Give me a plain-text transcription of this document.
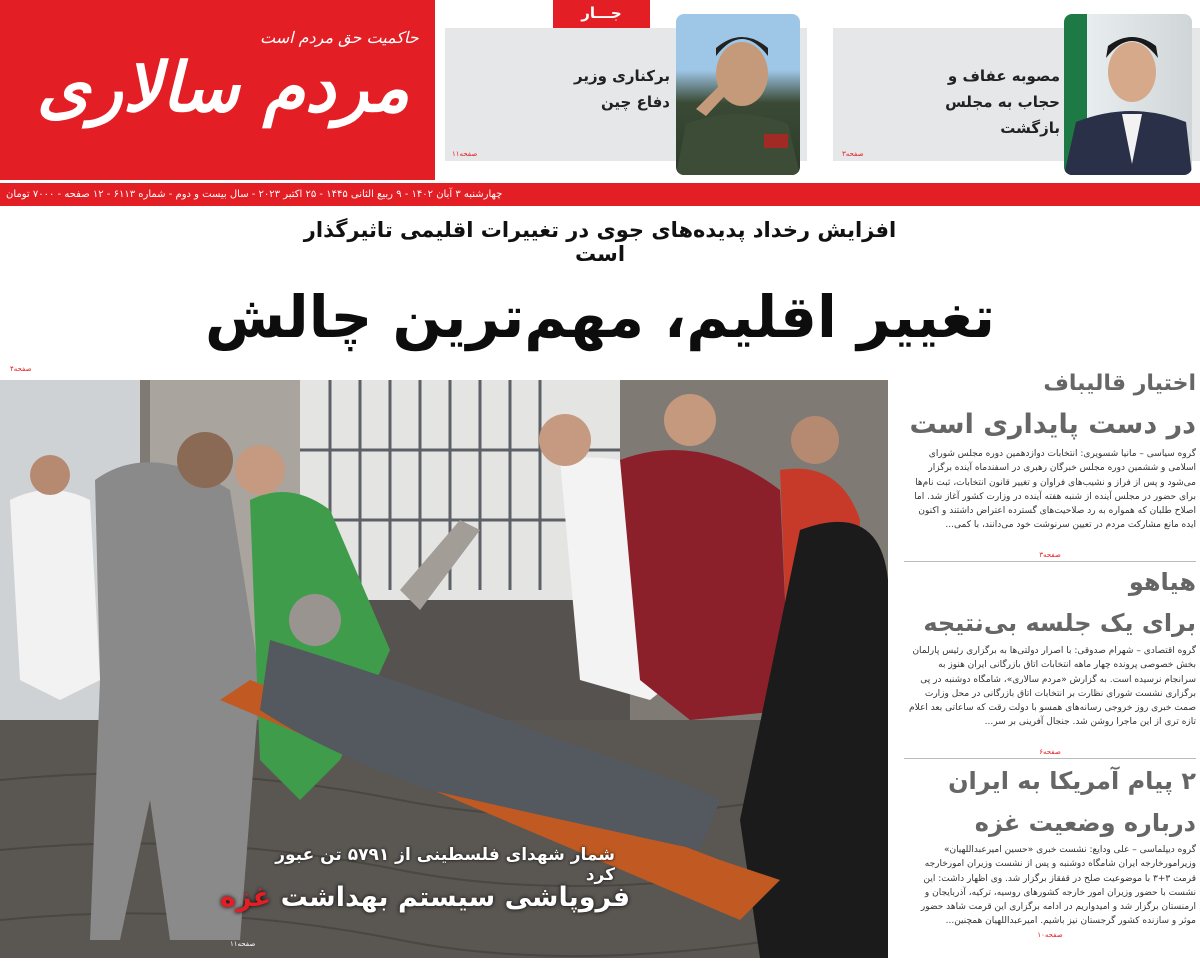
حاکمیت حق مردم است
مردم سالاری
جـــار
برکناری وزیر دفاع چین
صفحه۱۱
مصوبه عفاف و حجاب به مجلس بازگشت
صفحه۳
چهارشنبه ۳ آبان ۱۴۰۲ - ۹ ربیع الثانی ۱۴۴۵ - ۲۵ اکتبر ۲۰۲۳ - سال بیست و دوم - شماره ۶۱۱۳ - ۱۲ صفحه - ۷۰۰۰ تومان
افزایش رخداد پدیده‌های جوی در تغییرات اقلیمی تاثیرگذار است
تغییر اقلیم، مهم‌ترین چالش
صفحه۴
شمار شهدای فلسطینی از ۵۷۹۱ تن عبور کرد
فروپاشی سیستم بهداشت غزه
صفحه۱۱
اختیار قالیباف
در دست پایداری است
گروه سیاسی – مانیا شسویری: انتخابات دوازدهمین دوره مجلس شورای اسلامی و ششمین دوره مجلس خبرگان رهبری در اسفندماه آینده برگزار می‌شود و پس از فراز و نشیب‌های فراوان و تغییر قانون انتخابات، ثبت نام‌ها برای حضور در مجلس آینده از شنبه هفته آینده در وزارت کشور آغاز شد. اما اصلاح طلبان که همواره به رد صلاحیت‌های گسترده اعتراض داشتند و اکنون ایده مانع مشارکت مردم در تعیین سرنوشت خود می‌دانند، با کمی...
صفحه۳
هیاهو
برای یک جلسه بی‌نتیجه
گروه اقتصادی – شهرام صدوقی: با اصرار دولتی‌ها به برگزاری رئیس پارلمان بخش خصوصی پرونده چهار ماهه انتخابات اتاق بازرگانی ایران هنوز به سرانجام نرسیده است. به گزارش «مردم سالاری»، شامگاه دوشنبه در پی برگزاری نشست شورای نظارت بر انتخابات اتاق بازرگانی در محل وزارت صمت خبری روز خروجی رسانه‌های همسو با دولت رقت که ساعاتی بعد اعلام تازه تری از این ماجرا روشن شد. جنجال آفرینی بر سر...
صفحه۶
۲ پیام آمریکا به ایران
درباره وضعیت غزه
گروه دیپلماسی – علی ودایع: نشست خبری «حسین امیرعبداللهیان» وزیرامورخارجه ایران شامگاه دوشنبه و پس از نشست وزیران امورخارجه قرمت ۳+۳ با موضوعیت صلح در قفقاز برگزار شد. وی اظهار داشت: این نشست با حضور وزیران امور خارجه کشورهای روسیه، ترکیه، آذربایجان و ارمنستان برگزار شد و امیدواریم در ادامه برگزاری این قرمت شاهد حضور موثر و سازنده کشور گرجستان نیز باشیم. امیرعبداللهیان همچنین...
صفحه۱۰
